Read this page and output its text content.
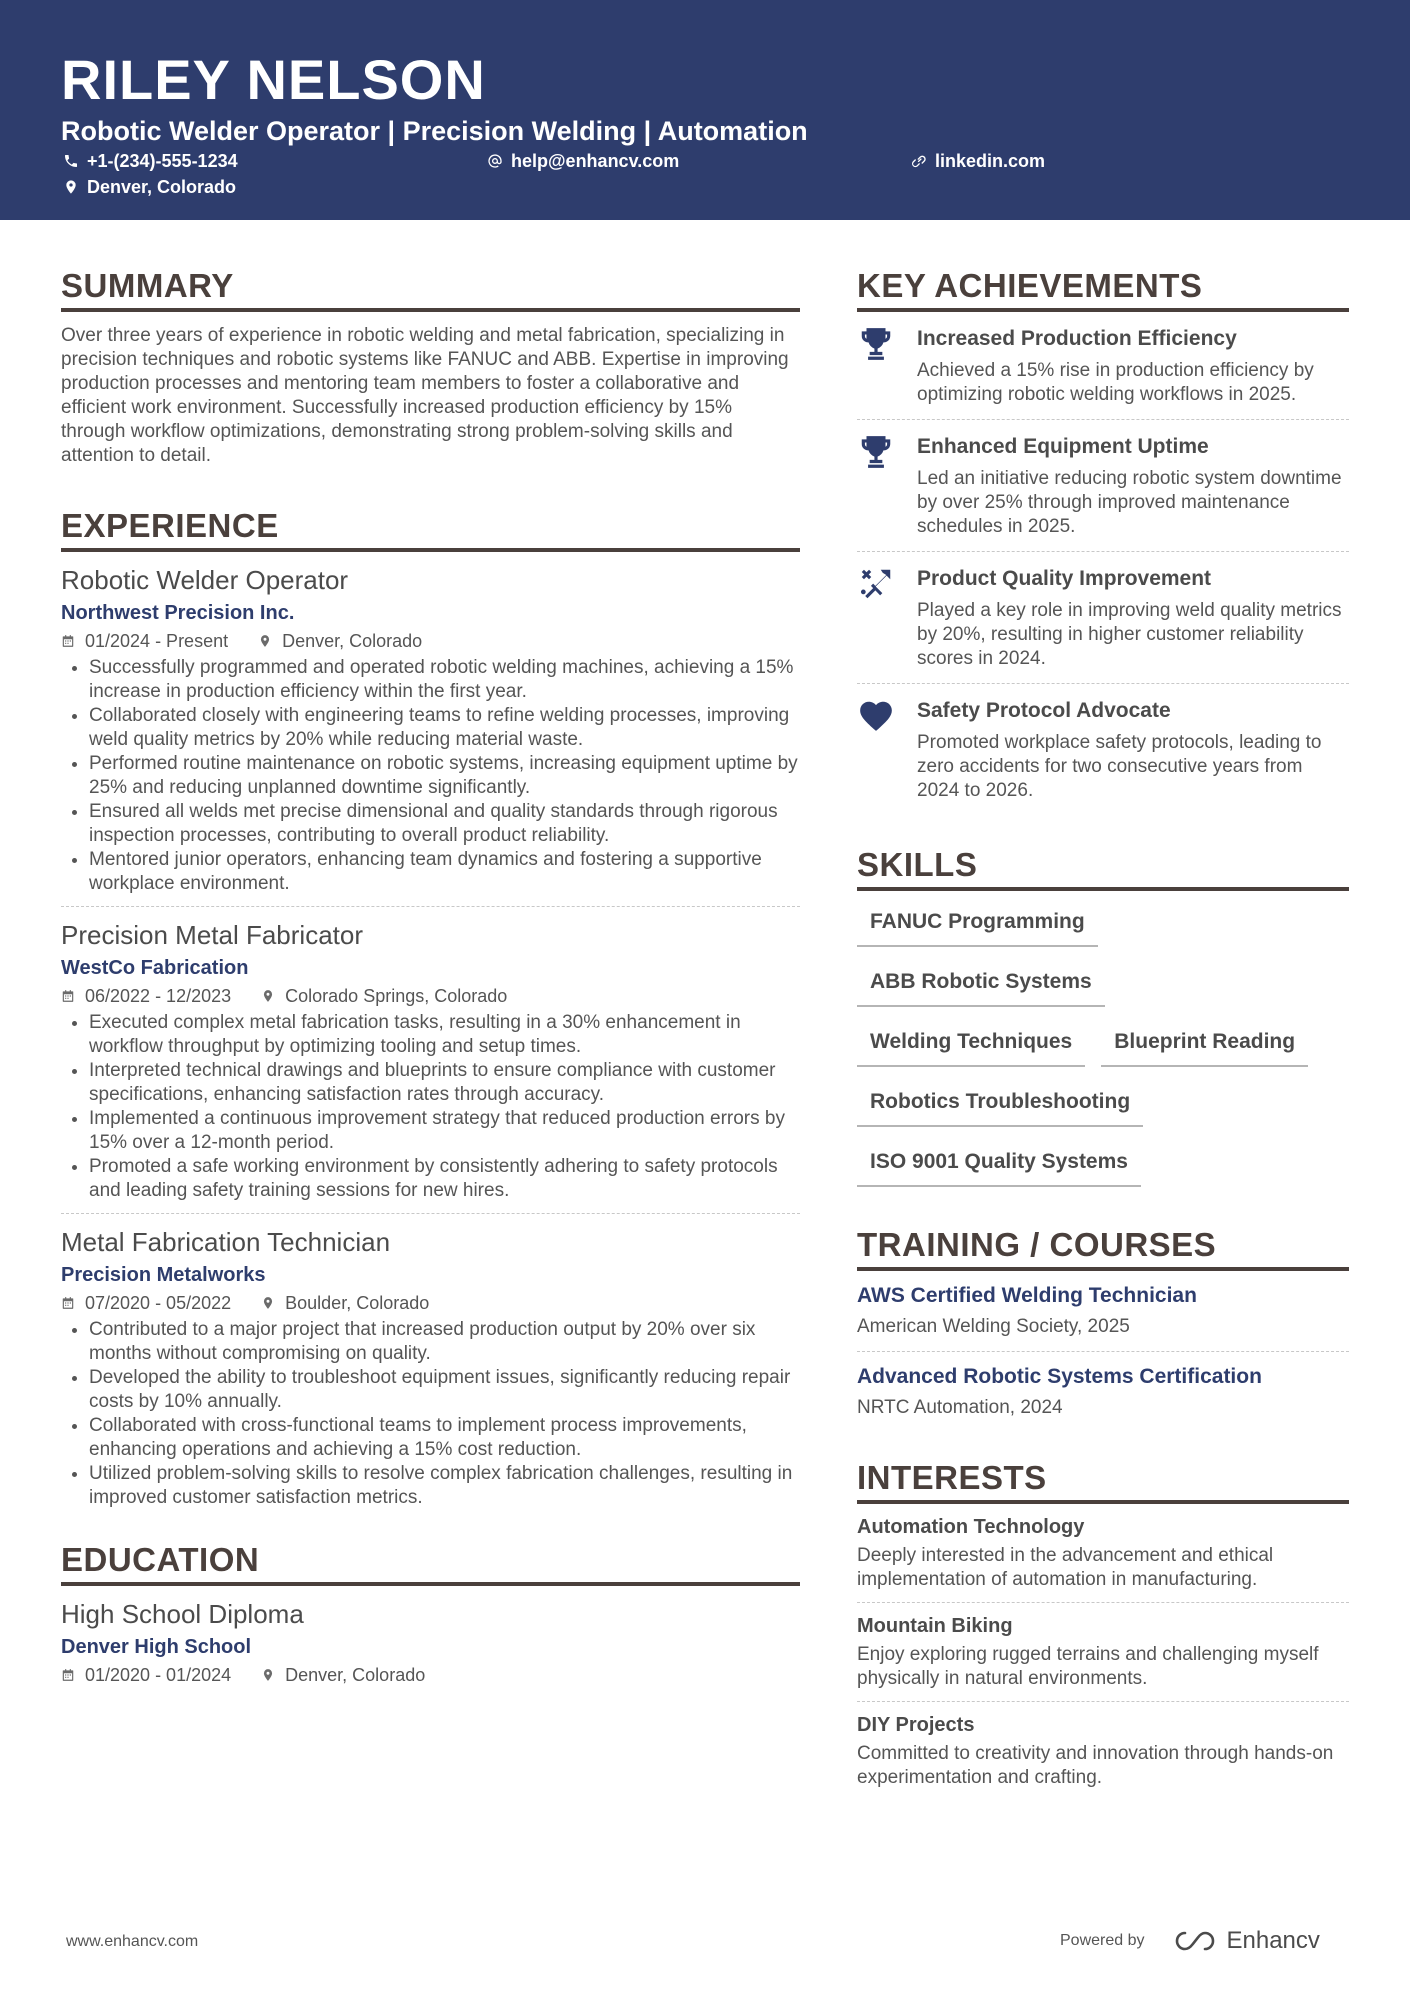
RILEY NELSON
Robotic Welder Operator | Precision Welding | Automation
+1-(234)-555-1234	help@enhancv.com	linkedin.com
Denver, Colorado
SUMMARY
Over three years of experience in robotic welding and metal fabrication, specializing in precision techniques and robotic systems like FANUC and ABB. Expertise in improving production processes and mentoring team members to foster a collaborative and efficient work environment. Successfully increased production efficiency by 15% through workflow optimizations, demonstrating strong problem-solving skills and attention to detail.
EXPERIENCE
Robotic Welder Operator
Northwest Precision Inc.
01/2024 - Present	Denver, Colorado
• Successfully programmed and operated robotic welding machines, achieving a 15% increase in production efficiency within the first year.
• Collaborated closely with engineering teams to refine welding processes, improving weld quality metrics by 20% while reducing material waste.
• Performed routine maintenance on robotic systems, increasing equipment uptime by 25% and reducing unplanned downtime significantly.
• Ensured all welds met precise dimensional and quality standards through rigorous inspection processes, contributing to overall product reliability.
• Mentored junior operators, enhancing team dynamics and fostering a supportive workplace environment.
Precision Metal Fabricator
WestCo Fabrication
06/2022 - 12/2023	Colorado Springs, Colorado
• Executed complex metal fabrication tasks, resulting in a 30% enhancement in workflow throughput by optimizing tooling and setup times.
• Interpreted technical drawings and blueprints to ensure compliance with customer specifications, enhancing satisfaction rates through accuracy.
• Implemented a continuous improvement strategy that reduced production errors by 15% over a 12-month period.
• Promoted a safe working environment by consistently adhering to safety protocols and leading safety training sessions for new hires.
Metal Fabrication Technician
Precision Metalworks
07/2020 - 05/2022	Boulder, Colorado
• Contributed to a major project that increased production output by 20% over six months without compromising on quality.
• Developed the ability to troubleshoot equipment issues, significantly reducing repair costs by 10% annually.
• Collaborated with cross-functional teams to implement process improvements, enhancing operations and achieving a 15% cost reduction.
• Utilized problem-solving skills to resolve complex fabrication challenges, resulting in improved customer satisfaction metrics.
EDUCATION
High School Diploma
Denver High School
01/2020 - 01/2024	Denver, Colorado
KEY ACHIEVEMENTS
Increased Production Efficiency
Achieved a 15% rise in production efficiency by optimizing robotic welding workflows in 2025.
Enhanced Equipment Uptime
Led an initiative reducing robotic system downtime by over 25% through improved maintenance schedules in 2025.
Product Quality Improvement
Played a key role in improving weld quality metrics by 20%, resulting in higher customer reliability scores in 2024.
Safety Protocol Advocate
Promoted workplace safety protocols, leading to zero accidents for two consecutive years from 2024 to 2026.
SKILLS
FANUC Programming
ABB Robotic Systems
Welding Techniques	Blueprint Reading
Robotics Troubleshooting
ISO 9001 Quality Systems
TRAINING / COURSES
AWS Certified Welding Technician
American Welding Society, 2025
Advanced Robotic Systems Certification
NRTC Automation, 2024
INTERESTS
Automation Technology
Deeply interested in the advancement and ethical implementation of automation in manufacturing.
Mountain Biking
Enjoy exploring rugged terrains and challenging myself physically in natural environments.
DIY Projects
Committed to creativity and innovation through hands-on experimentation and crafting.
www.enhancv.com	Powered by	Enhancv
